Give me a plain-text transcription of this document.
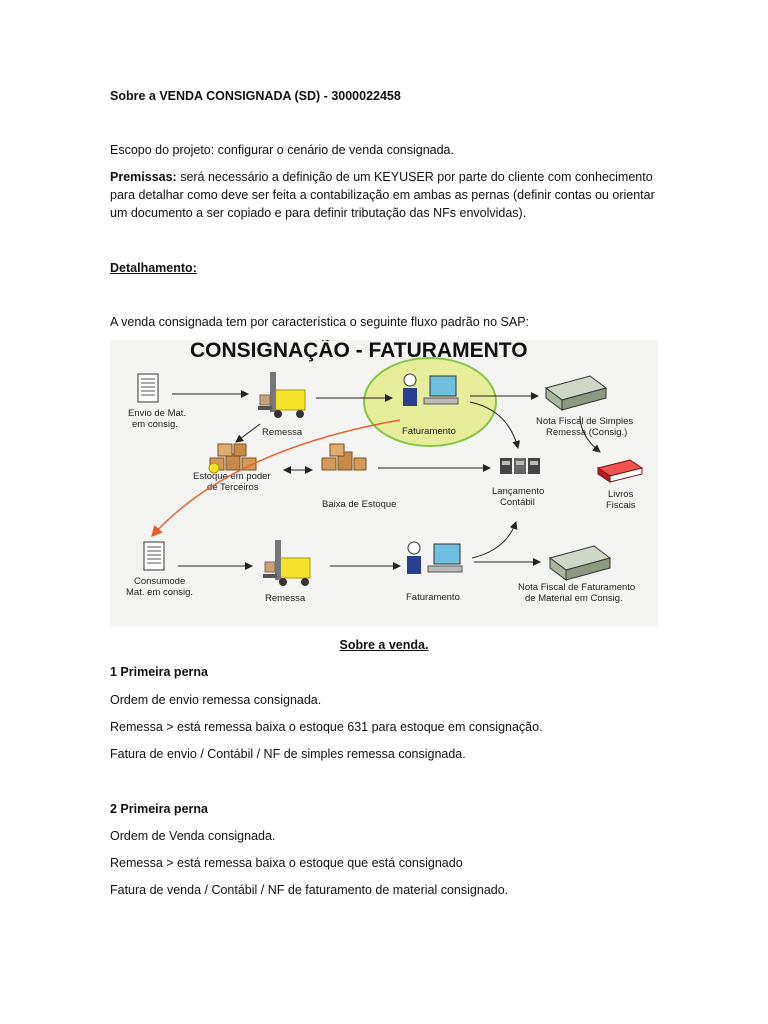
Sobre a VENDA CONSIGNADA (SD) - 3000022458
Escopo do projeto: configurar o cenário de venda consignada.
Premissas: será necessário a definição de um KEYUSER por parte do cliente com conhecimento para detalhar como deve ser feita a contabilização em ambas as pernas (definir contas ou orientar um documento a ser copiado e para definir tributação das NFs envolvidas).
Detalhamento:
A venda consignada tem por característica o seguinte fluxo padrão no SAP:
CONSIGNAÇÃO - FATURAMENTO
Envio de Mat.
em consig.
Remessa	Faturamento
Nota Fiscal de Simples
Remessa (Consig.)
Estoque em poder
de Terceiros
Baixa de Estoque
Lançamento
Contábil
Livros
Fiscais
Consumode
Mat. em consig.
Remessa	Faturamento
Nota Fiscal de Faturamento
de Material em Consig.
Sobre a venda.
1 Primeira perna
Ordem de envio remessa consignada.
Remessa > está remessa baixa o estoque 631 para estoque em consignação.
Fatura de envio / Contábil / NF de simples remessa consignada.
2 Primeira perna
Ordem de Venda consignada.
Remessa > está remessa baixa o estoque que está consignado
Fatura de venda / Contábil / NF de faturamento de material consignado.
